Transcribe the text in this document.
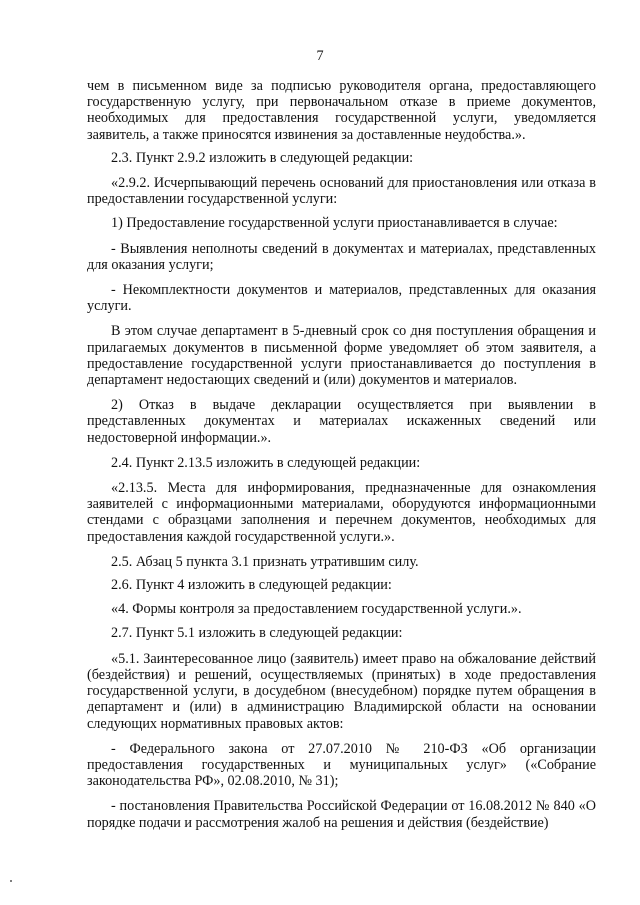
7

чем в письменном виде за подписью руководителя органа, предоставляющего государственную услугу, при первоначальном отказе в приеме документов, необходимых для предоставления государственной услуги, уведомляется заявитель, а также приносятся извинения за доставленные неудобства.».

2.3. Пункт 2.9.2 изложить в следующей редакции:

«2.9.2. Исчерпывающий перечень оснований для приостановления или отказа в предоставлении государственной услуги:

1) Предоставление государственной услуги приостанавливается в случае:

- Выявления неполноты сведений в документах и материалах, представленных для оказания услуги;

- Некомплектности документов и материалов, представленных для оказания услуги.

В этом случае департамент в 5-дневный срок со дня поступления обращения и прилагаемых документов в письменной форме уведомляет об этом заявителя, а предоставление государственной услуги приостанавливается до поступления в департамент недостающих сведений и (или) документов и материалов.

2) Отказ в выдаче декларации осуществляется при выявлении в представленных документах и материалах искаженных сведений или недостоверной информации.».

2.4. Пункт 2.13.5 изложить в следующей редакции:

«2.13.5. Места для информирования, предназначенные для ознакомления заявителей с информационными материалами, оборудуются информационными стендами с образцами заполнения и перечнем документов, необходимых для предоставления каждой государственной услуги.».

2.5. Абзац 5 пункта 3.1 признать утратившим силу.

2.6. Пункт 4 изложить в следующей редакции:

«4. Формы контроля за предоставлением государственной услуги.».

2.7. Пункт 5.1 изложить в следующей редакции:

«5.1. Заинтересованное лицо (заявитель) имеет право на обжалование действий (бездействия) и решений, осуществляемых (принятых) в ходе предоставления государственной услуги, в досудебном (внесудебном) порядке путем обращения в департамент и (или) в администрацию Владимирской области на основании следующих нормативных правовых актов:

- Федерального закона от 27.07.2010 № 210-ФЗ «Об организации предоставления государственных и муниципальных услуг» («Собрание законодательства РФ», 02.08.2010, № 31);

- постановления Правительства Российской Федерации от 16.08.2012 № 840 «О порядке подачи и рассмотрения жалоб на решения и действия (бездействие)
